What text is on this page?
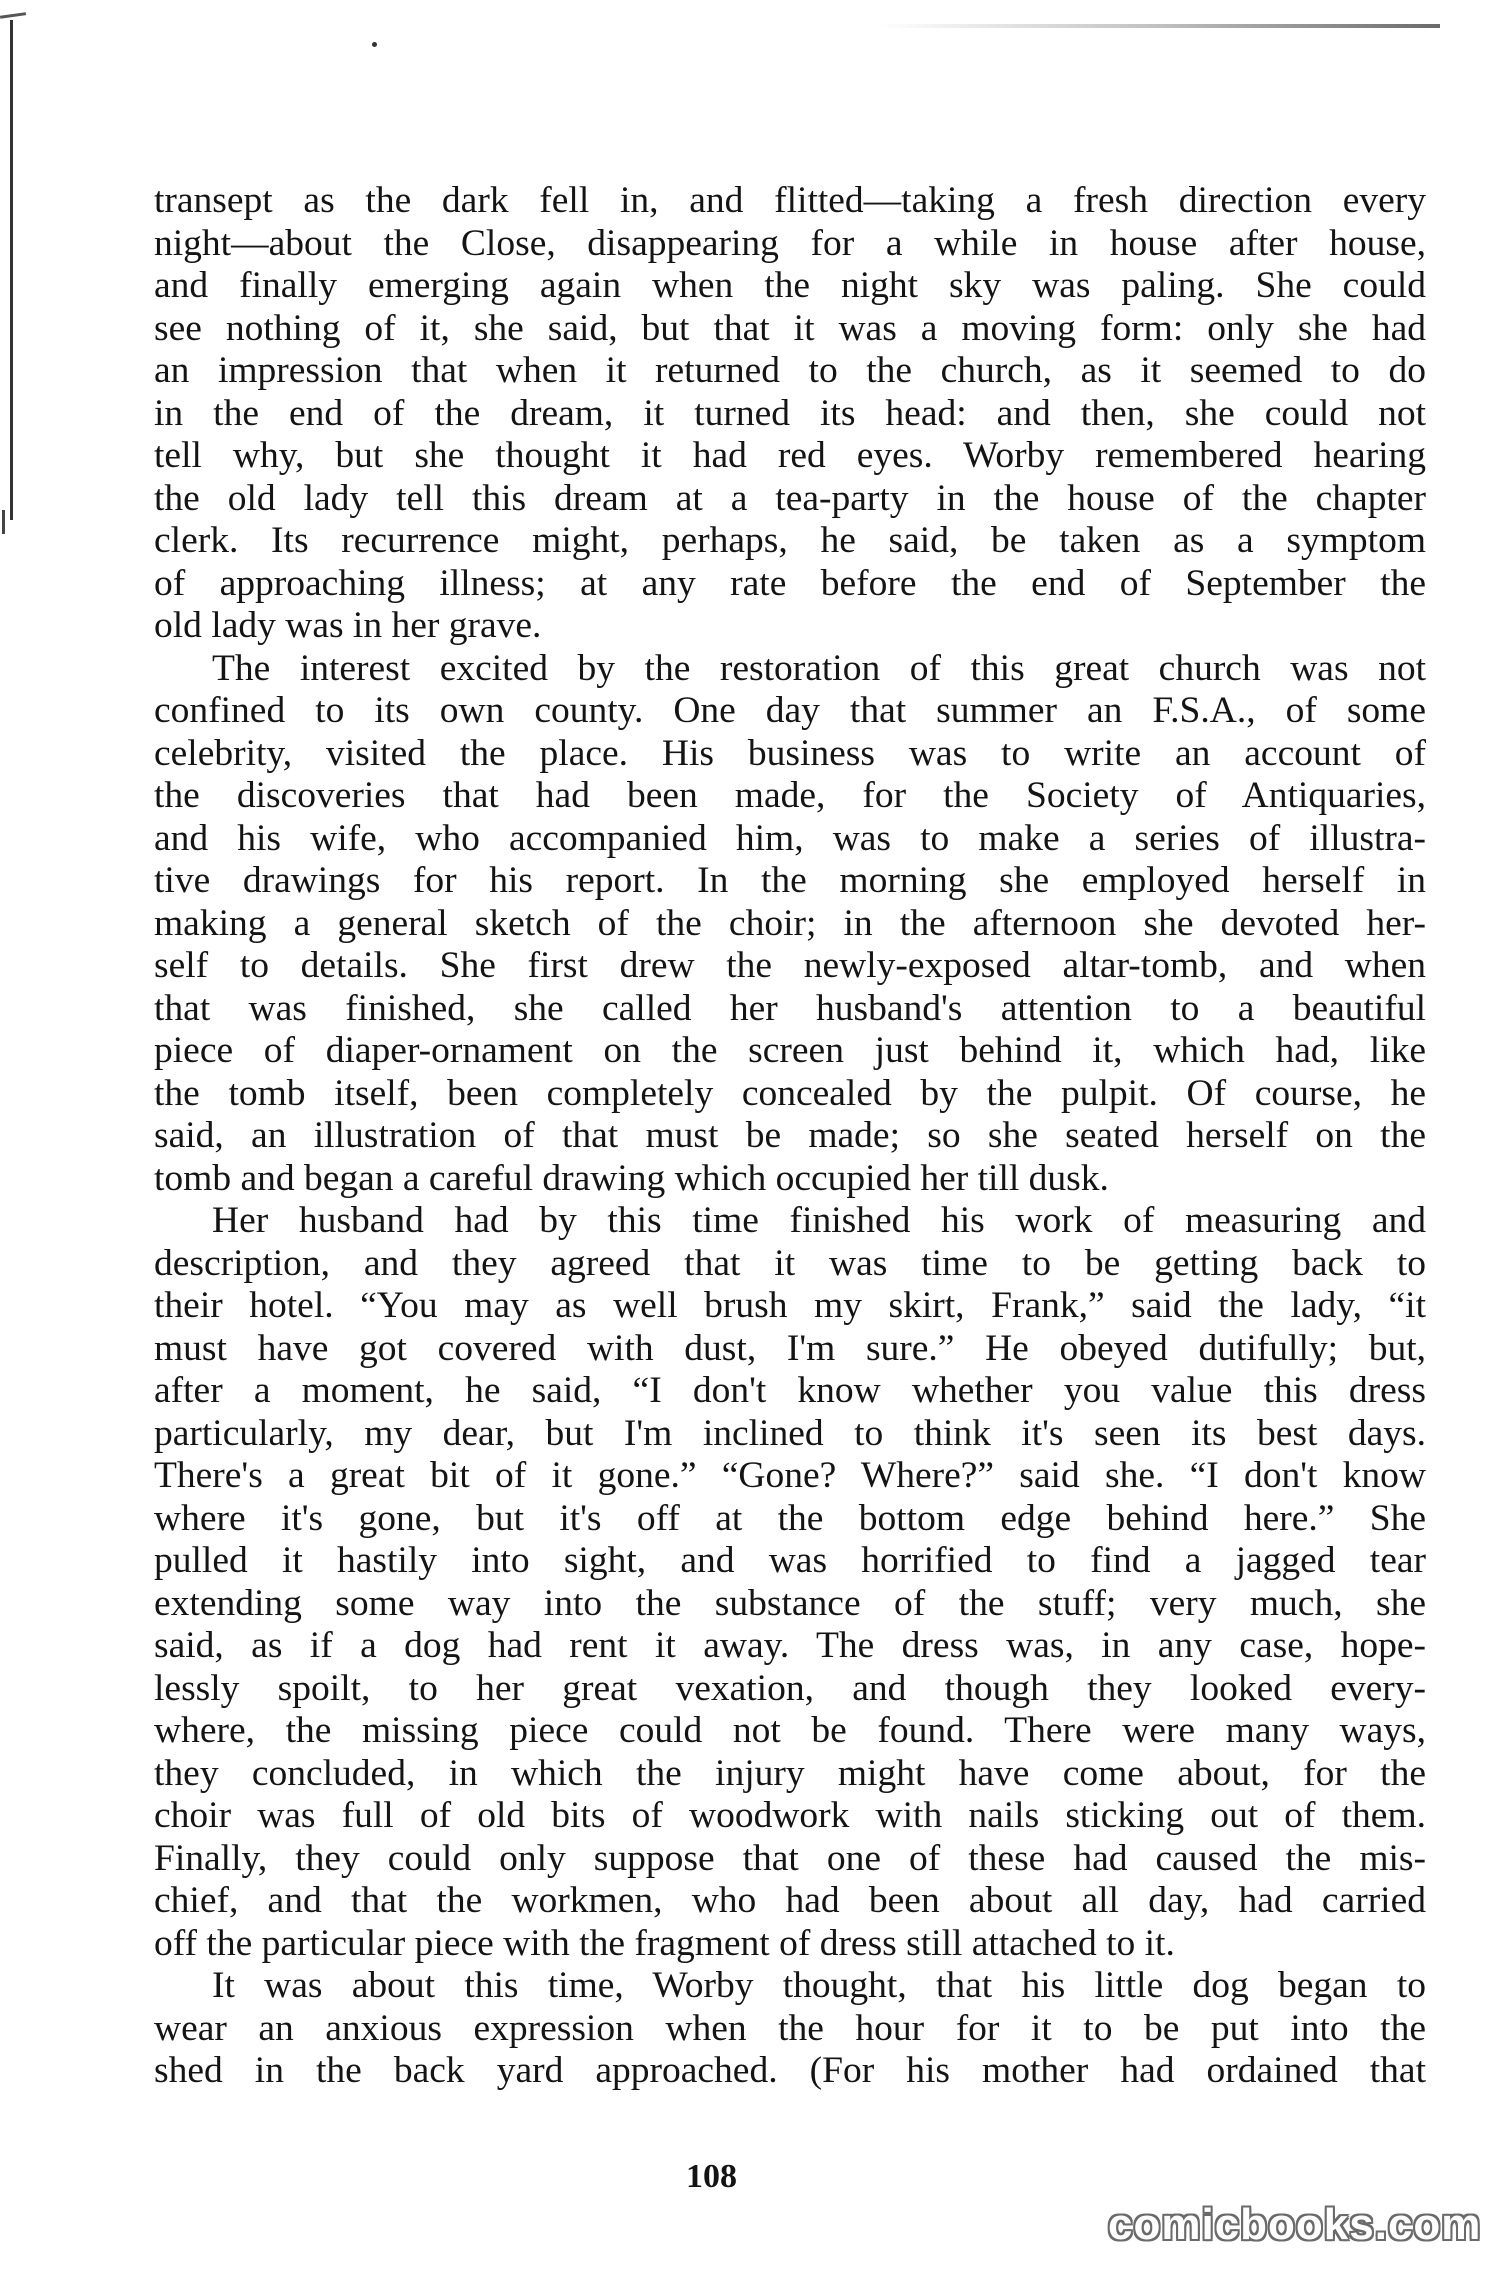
transept as the dark fell in, and flitted—taking a fresh direction every
night—about the Close, disappearing for a while in house after house,
and finally emerging again when the night sky was paling. She could
see nothing of it, she said, but that it was a moving form: only she had
an impression that when it returned to the church, as it seemed to do
in the end of the dream, it turned its head: and then, she could not
tell why, but she thought it had red eyes. Worby remembered hearing
the old lady tell this dream at a tea-party in the house of the chapter
clerk. Its recurrence might, perhaps, he said, be taken as a symptom
of approaching illness; at any rate before the end of September the
old lady was in her grave.
The interest excited by the restoration of this great church was not
confined to its own county. One day that summer an F.S.A., of some
celebrity, visited the place. His business was to write an account of
the discoveries that had been made, for the Society of Antiquaries,
and his wife, who accompanied him, was to make a series of illustra-
tive drawings for his report. In the morning she employed herself in
making a general sketch of the choir; in the afternoon she devoted her-
self to details. She first drew the newly-exposed altar-tomb, and when
that was finished, she called her husband's attention to a beautiful
piece of diaper-ornament on the screen just behind it, which had, like
the tomb itself, been completely concealed by the pulpit. Of course, he
said, an illustration of that must be made; so she seated herself on the
tomb and began a careful drawing which occupied her till dusk.
Her husband had by this time finished his work of measuring and
description, and they agreed that it was time to be getting back to
their hotel. “You may as well brush my skirt, Frank,” said the lady, “it
must have got covered with dust, I'm sure.” He obeyed dutifully; but,
after a moment, he said, “I don't know whether you value this dress
particularly, my dear, but I'm inclined to think it's seen its best days.
There's a great bit of it gone.” “Gone? Where?” said she. “I don't know
where it's gone, but it's off at the bottom edge behind here.” She
pulled it hastily into sight, and was horrified to find a jagged tear
extending some way into the substance of the stuff; very much, she
said, as if a dog had rent it away. The dress was, in any case, hope-
lessly spoilt, to her great vexation, and though they looked every-
where, the missing piece could not be found. There were many ways,
they concluded, in which the injury might have come about, for the
choir was full of old bits of woodwork with nails sticking out of them.
Finally, they could only suppose that one of these had caused the mis-
chief, and that the workmen, who had been about all day, had carried
off the particular piece with the fragment of dress still attached to it.
It was about this time, Worby thought, that his little dog began to
wear an anxious expression when the hour for it to be put into the
shed in the back yard approached. (For his mother had ordained that
108
comicbooks.com
